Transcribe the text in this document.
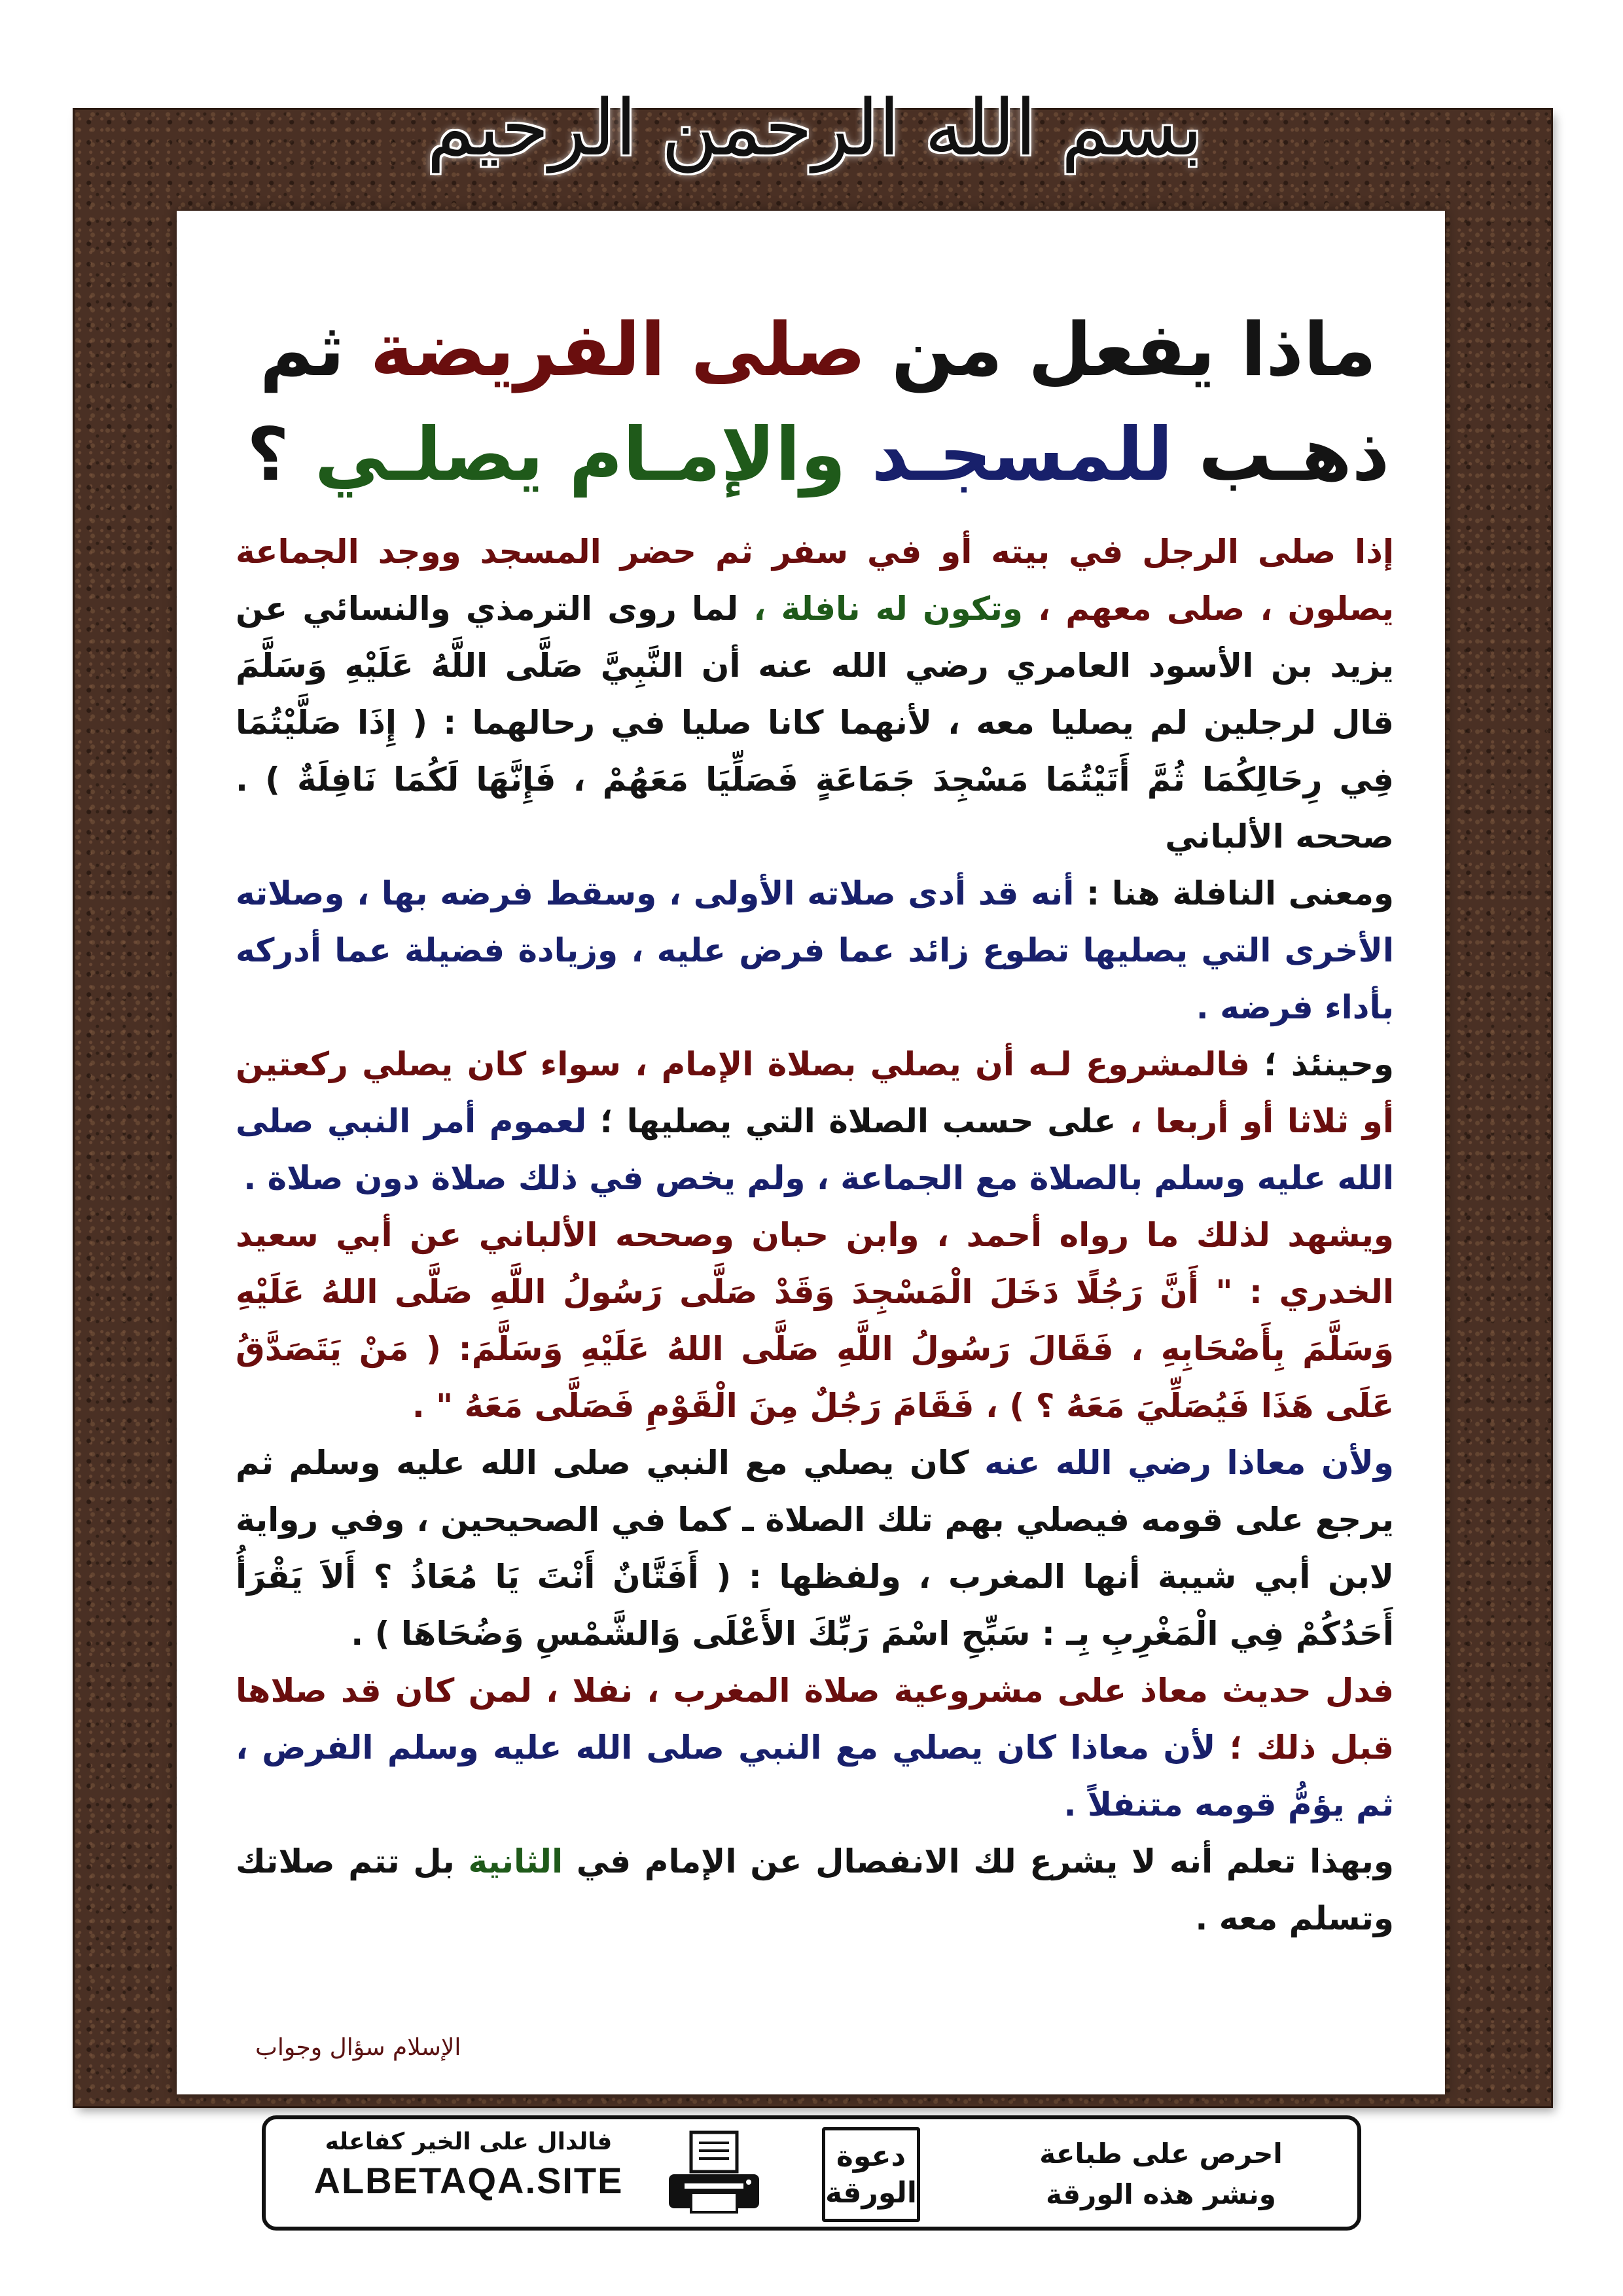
بسم الله الرحمن الرحيم
ماذا يفعل من صلى الفريضة ثم
ذهـب للمسجـد والإمـام يصلـي ؟

إذا صلى الرجل في بيته أو في سفر ثم حضر المسجد ووجد الجماعة يصلون ، صلى معهم ، وتكون له نافلة ، لما روى الترمذي والنسائي عن يزيد بن الأسود العامري رضي الله عنه أن النَّبِيَّ صَلَّى اللَّهُ عَلَيْهِ وَسَلَّمَ قال لرجلين لم يصليا معه ، لأنهما كانا صليا في رحالهما : ( إِذَا صَلَّيْتُمَا فِي رِحَالِكُمَا ثُمَّ أَتَيْتُمَا مَسْجِدَ جَمَاعَةٍ فَصَلِّيَا مَعَهُمْ ، فَإِنَّهَا لَكُمَا نَافِلَةٌ ) . صححه الألباني

ومعنى النافلة هنا : أنه قد أدى صلاته الأولى ، وسقط فرضه بها ، وصلاته الأخرى التي يصليها تطوع زائد عما فرض عليه ، وزيادة فضيلة عما أدركه بأداء فرضه .

وحينئذ ؛ فالمشروع لـه أن يصلي بصلاة الإمام ، سواء كان يصلي ركعتين أو ثلاثا أو أربعا ، على حسب الصلاة التي يصليها ؛ لعموم أمر النبي صلى الله عليه وسلم بالصلاة مع الجماعة ، ولم يخص في ذلك صلاة دون صلاة .

ويشهد لذلك ما رواه أحمد ، وابن حبان وصححه الألباني عن أبي سعيد الخدري : " أَنَّ رَجُلًا دَخَلَ الْمَسْجِدَ وَقَدْ صَلَّى رَسُولُ اللَّهِ صَلَّى اللهُ عَلَيْهِ وَسَلَّمَ بِأَصْحَابِهِ ، فَقَالَ رَسُولُ اللَّهِ صَلَّى اللهُ عَلَيْهِ وَسَلَّمَ: ( مَنْ يَتَصَدَّقُ عَلَى هَذَا فَيُصَلِّيَ مَعَهُ ؟ ) ، فَقَامَ رَجُلٌ مِنَ الْقَوْمِ فَصَلَّى مَعَهُ " .

ولأن معاذا رضي الله عنه كان يصلي مع النبي صلى الله عليه وسلم ثم يرجع على قومه فيصلي بهم تلك الصلاة ـ كما في الصحيحين ، وفي رواية لابن أبي شيبة أنها المغرب ، ولفظها : ( أَفَتَّانٌ أَنْتَ يَا مُعَاذُ ؟ أَلاَ يَقْرَأُ أَحَدُكُمْ فِي الْمَغْرِبِ بِـ : سَبِّحِ اسْمَ رَبِّكَ الأَعْلَى وَالشَّمْسِ وَضُحَاهَا ) .

فدل حديث معاذ على مشروعية صلاة المغرب ، نفلا ، لمن كان قد صلاها قبل ذلك ؛ لأن معاذا كان يصلي مع النبي صلى الله عليه وسلم الفرض ، ثم يؤمُّ قومه متنفلاً .

وبهذا تعلم أنه لا يشرع لك الانفصال عن الإمام في الثانية بل تتم صلاتك وتسلم معه .

الإسلام سؤال وجواب
فالدال على الخير كفاعله
ALBETAQA.SITE
دعوة
الورقة
احرص على طباعة
ونشر هذه الورقة
